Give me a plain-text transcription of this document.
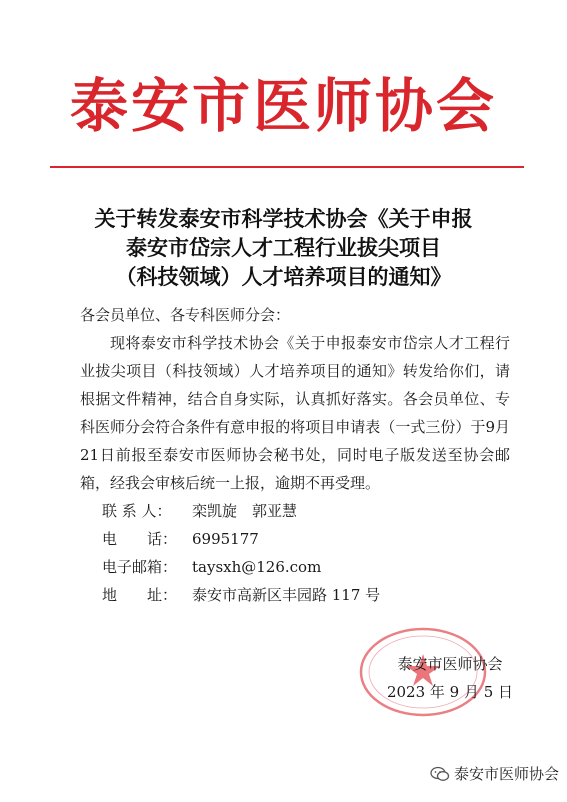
泰安市医师协会
关于转发泰安市科学技术协会《关于申报
泰安市岱宗人才工程行业拔尖项目
（科技领域）人才培养项目的通知》
各会员单位、各专科医师分会：
现将泰安市科学技术协会《关于申报泰安市岱宗人才工程行业拔尖项目（科技领域）人才培养项目的通知》转发给你们，请根据文件精神，结合自身实际，认真抓好落实。各会员单位、专科医师分会符合条件有意申报的将项目申请表（一式三份）于9月21日前报至泰安市医师协会秘书处，同时电子版发送至协会邮箱，经我会审核后统一上报，逾期不再受理。
联 系 人：	栾凯旋　郭亚慧
电　　话： 6995177
电子邮箱： taysxh@126.com
地　　址： 泰安市高新区丰园路 117 号
泰安市医师协会
2023 年 9 月 5 日
泰安市医师协会
